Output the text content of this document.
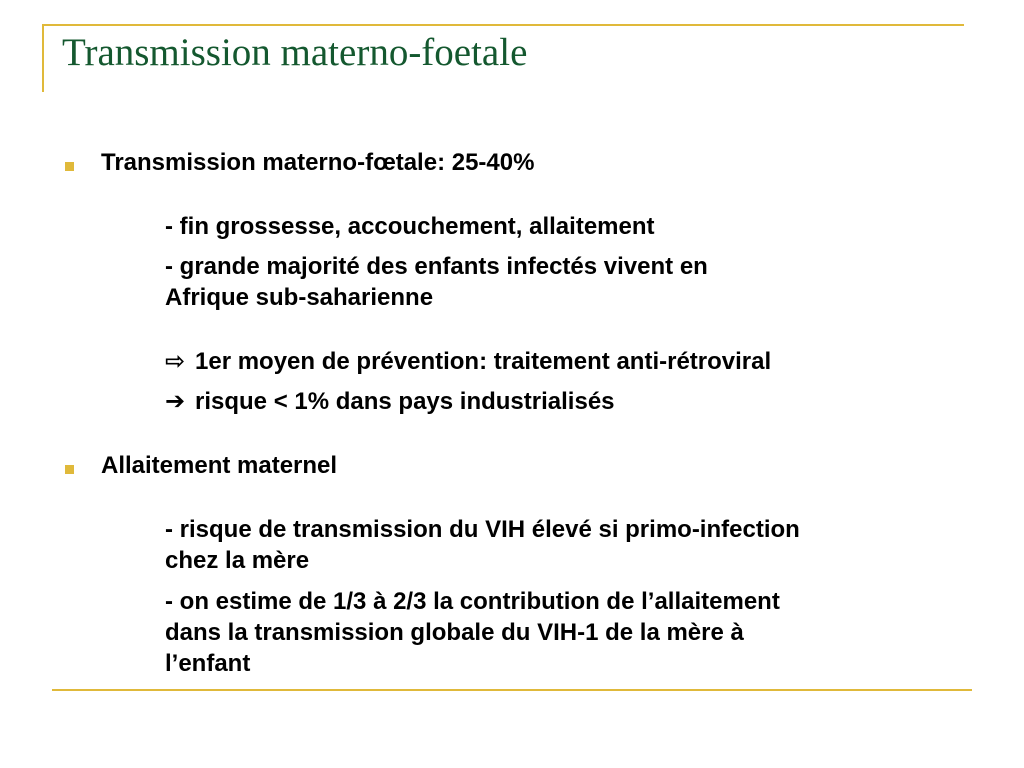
Transmission materno-foetale

Transmission materno-fœtale: 25-40%

- fin grossesse, accouchement, allaitement

- grande majorité des enfants infectés vivent en

Afrique sub-saharienne

⇨ 1er moyen de prévention: traitement anti-rétroviral

➔ risque < 1% dans pays industrialisés

Allaitement maternel

- risque de transmission du VIH élevé si primo-infection

chez la mère

- on estime de 1/3 à 2/3 la contribution de l’allaitement

dans la transmission globale du VIH-1 de la mère à

l’enfant
